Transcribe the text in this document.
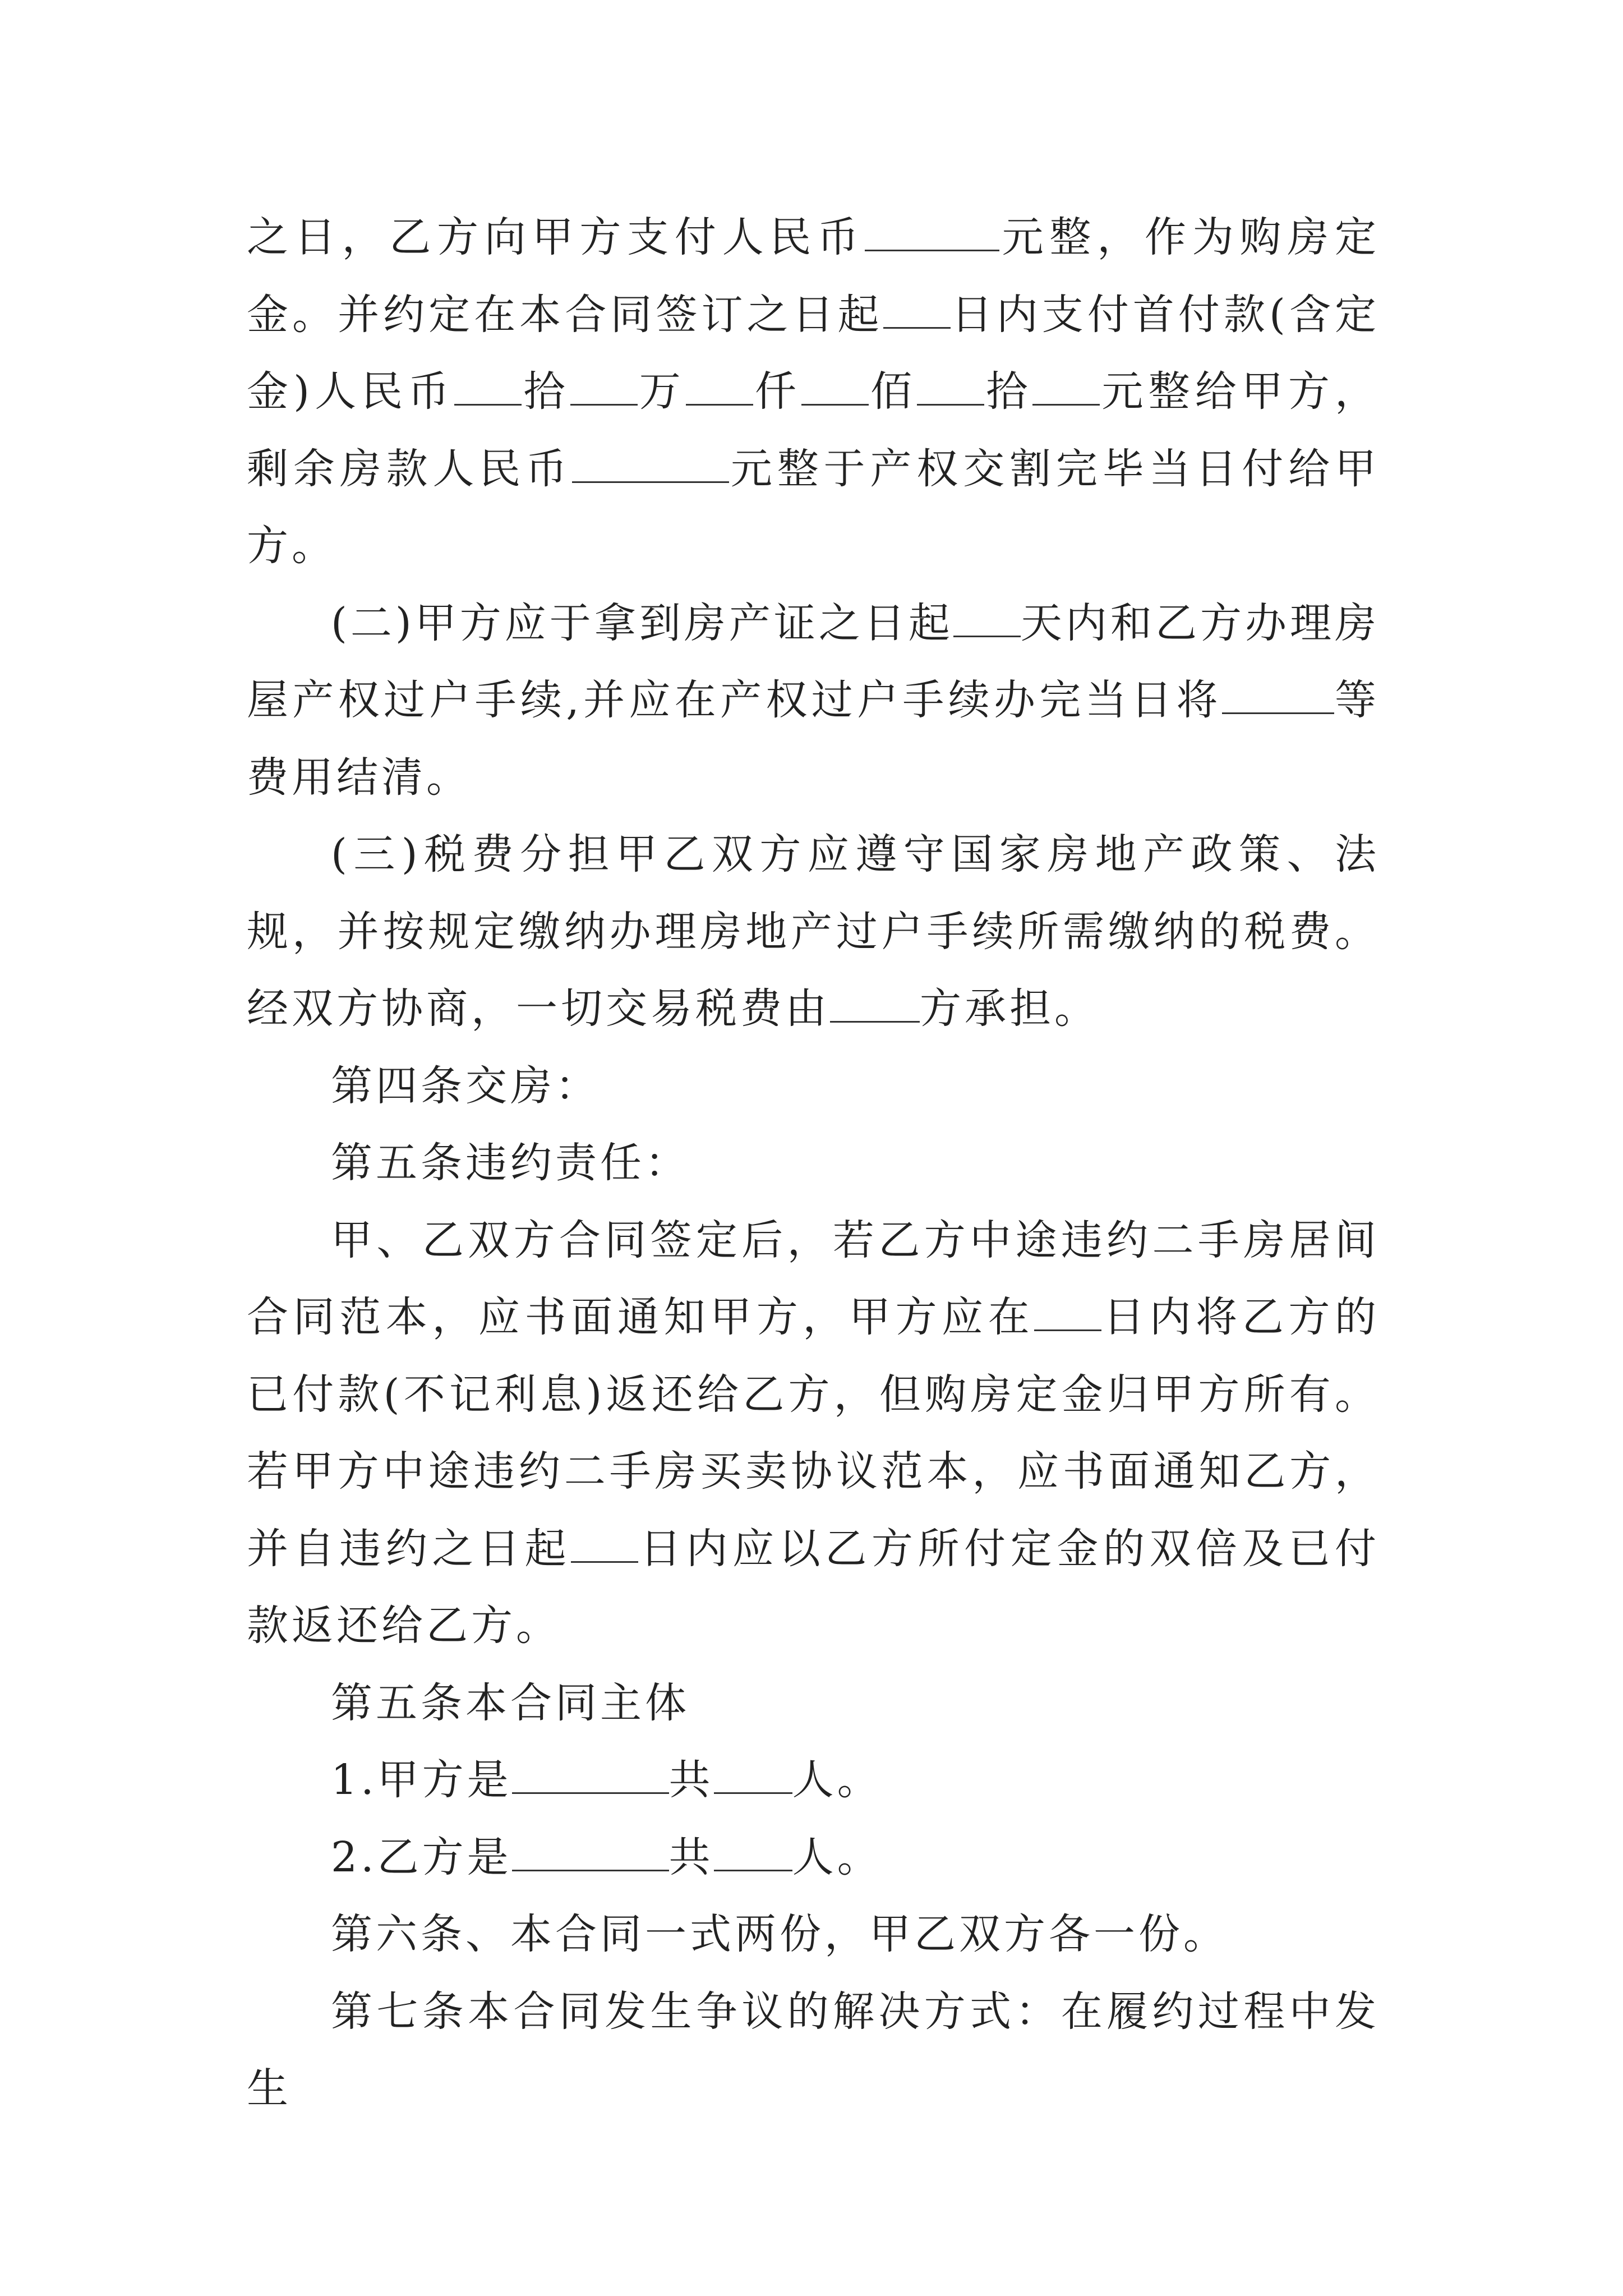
之日，乙方向甲方支付人民币	元整，作为购房定金。并约定在本合同签订之日起 日内支付首付款(含定金)人民币 拾 万 仟 佰 拾 元整给甲方，剩余房款人民币	元整于产权交割完毕当日付给甲方。

(二)甲方应于拿到房产证之日起 天内和乙方办理房屋产权过户手续,并应在产权过户手续办完当日将	等费用结清。

(三)税费分担甲乙双方应遵守国家房地产政策、法规，并按规定缴纳办理房地产过户手续所需缴纳的税费。经双方协商，一切交易税费由 方承担。

第四条交房：

第五条违约责任：

甲、乙双方合同签定后，若乙方中途违约二手房居间合同范本，应书面通知甲方，甲方应在 日内将乙方的已付款(不记利息)返还给乙方，但购房定金归甲方所有。若甲方中途违约二手房买卖协议范本，应书面通知乙方，并自违约之日起 日内应以乙方所付定金的双倍及已付款返还给乙方。

第五条本合同主体

1.甲方是	共 人。

2.乙方是	共 人。

第六条、本合同一式两份，甲乙双方各一份。

第七条本合同发生争议的解决方式：在履约过程中发生
